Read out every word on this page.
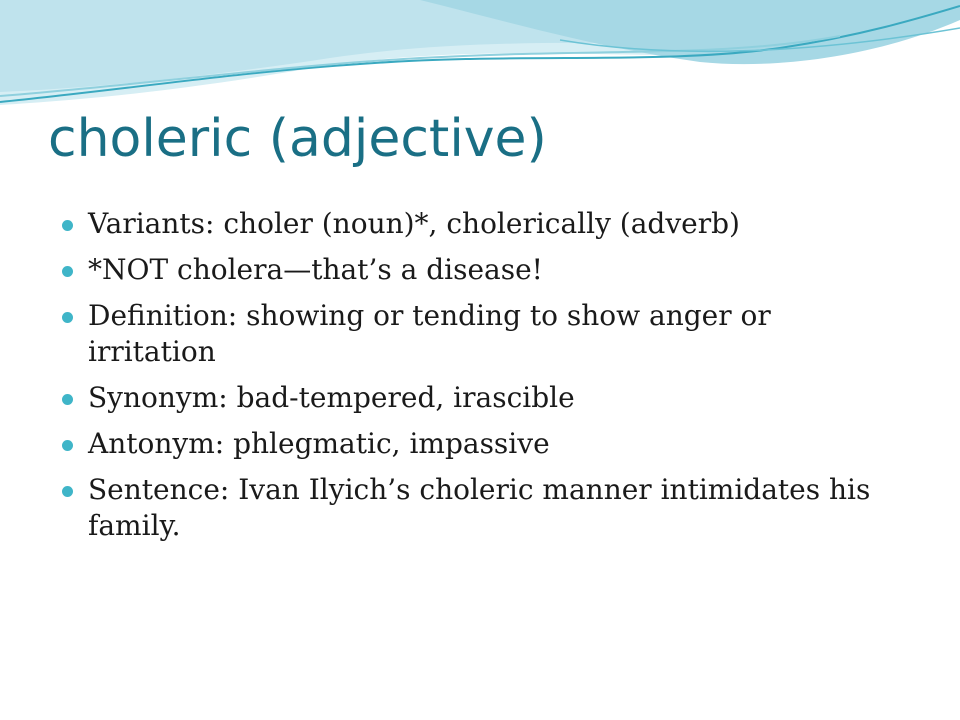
choleric (adjective)
Variants: choler (noun)*, cholerically (adverb)
*NOT cholera—that’s a disease!
Definition: showing or tending to show anger or irritation
Synonym: bad-tempered, irascible
Antonym: phlegmatic, impassive
Sentence: Ivan Ilyich’s choleric manner intimidates his family.
